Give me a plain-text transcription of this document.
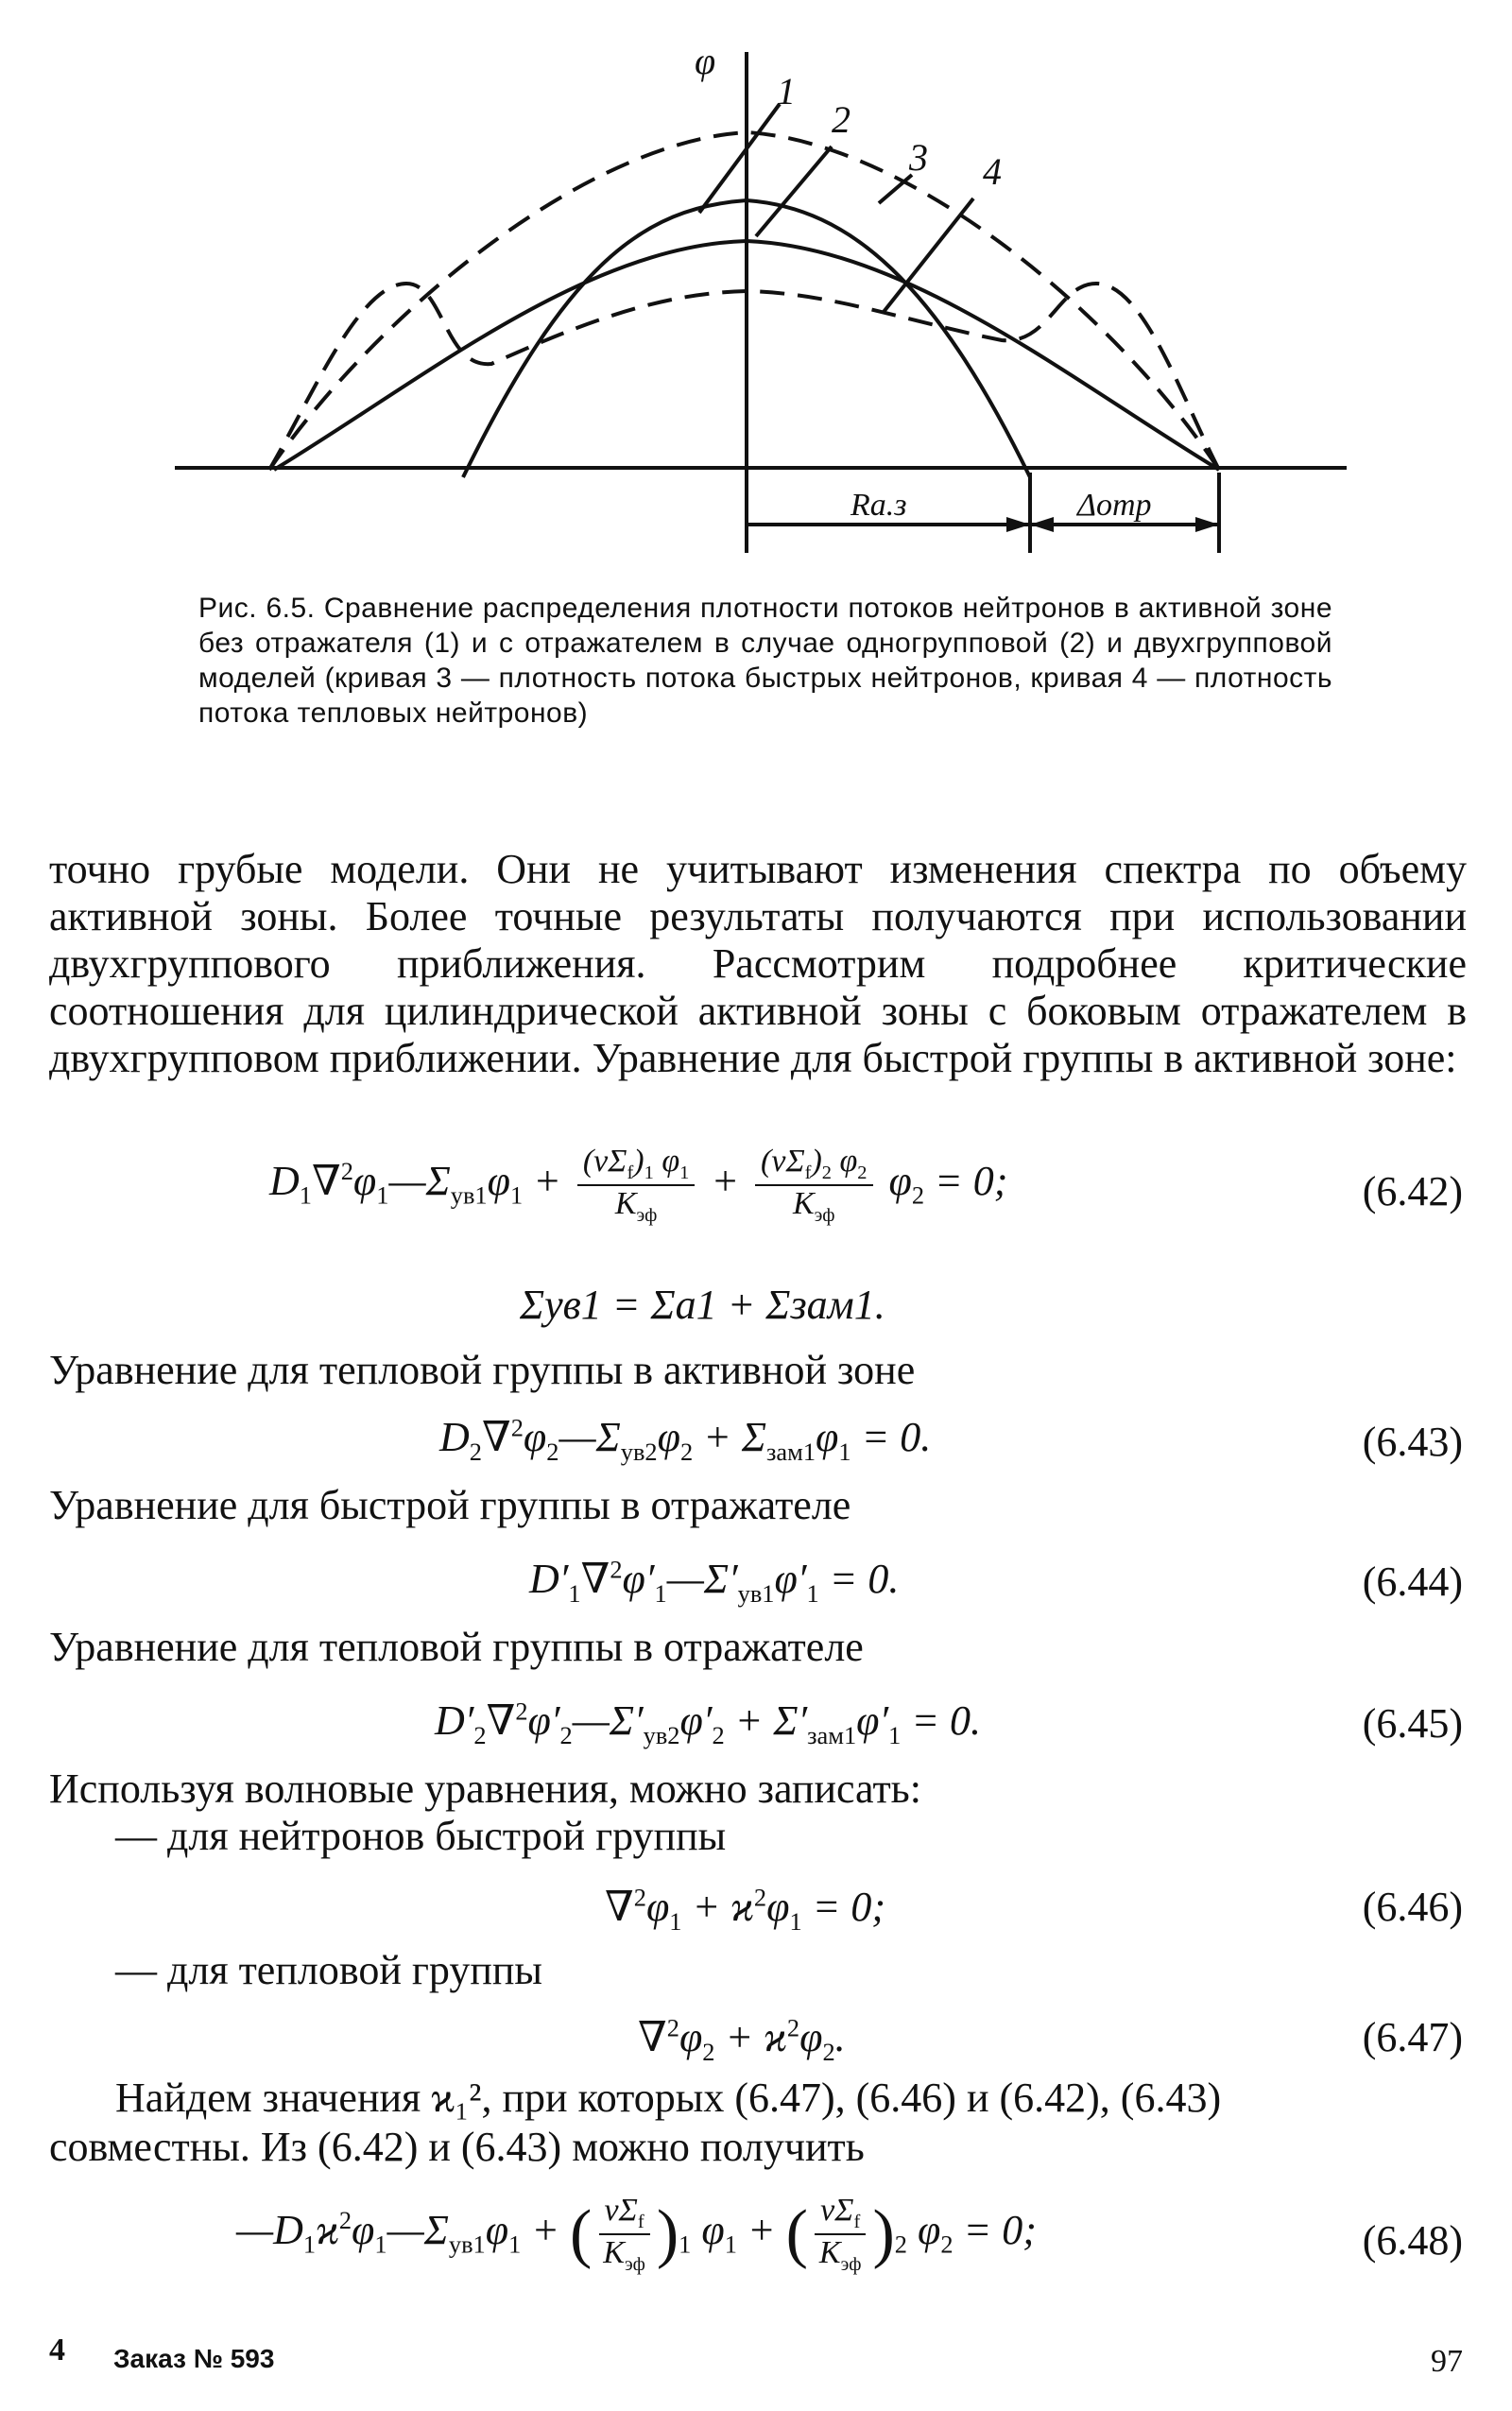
φ
1
2
3 4
Rа.з	Δотр

Рис. 6.5. Сравнение распределения плотности потоков нейтронов в активной зоне без отражателя (1) и с отражателем в случае одногрупповой (2) и двухгрупповой моделей (кривая 3 — плотность потока быстрых нейтронов, кривая 4 — плотность потока тепловых нейтронов)

точно грубые модели. Они не учитывают изменения спектра по объему активной зоны. Более точные результаты получаются при использовании двухгруппового приближения. Рассмотрим подробнее критические соотношения для цилиндрической активной зоны с боковым отражателем в двухгрупповом приближении. Уравнение для быстрой группы в активной зоне:

$D_1\nabla^2\varphi_1—\Sigma_{ув1}\varphi_1 + \frac{(\nu\Sigma_f)_1 \varphi_1}{K_{эф}} + \frac{(\nu\Sigma_f)_2 \varphi_2}{K_{эф}} \varphi_2 = 0$;	(6.42)
Σув1 = Σa1 + Σзам1.
Уравнение для тепловой группы в активной зоне
$D_2\nabla^2\varphi_2—\Sigma_{ув2}\varphi_2 + \Sigma_{зам1}\varphi_1 = 0$.	(6.43)
Уравнение для быстрой группы в отражателе
$D'_1\nabla^2\varphi'_1—\Sigma'_{ув1}\varphi'_1 = 0$.	(6.44)
Уравнение для тепловой группы в отражателе
$D'_2\nabla^2\varphi'_2—\Sigma'_{ув2}\varphi'_2 + \Sigma'_{зам1}\varphi'_1 = 0$.	(6.45)
Используя волновые уравнения, можно записать:
— для нейтронов быстрой группы
$\nabla^2\varphi_1 + ϰ^2\varphi_1 = 0$;	(6.46)
— для тепловой группы
$\nabla^2\varphi_2 + ϰ^2\varphi_2$.	(6.47)
Найдем значения ϰ₁², при которых (6.47), (6.46) и (6.42), (6.43)
совместны. Из (6.42) и (6.43) можно получить
$—D_1ϰ^2\varphi_1—\Sigma_{ув1}\varphi_1$ + ( $\frac{\nu\Sigma_f}{K_{эф}} )_1$ $\varphi_1$ + ( $\frac{\nu\Sigma_f}{K_{эф}} )_2$ $\varphi_2 = 0$;	(6.48)
4 Заказ № 593	97
